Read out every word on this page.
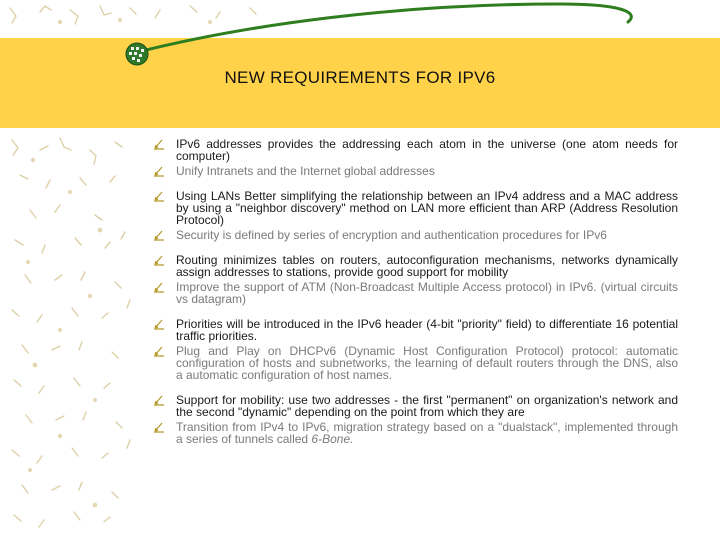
NEW REQUIREMENTS FOR IPV6
IPv6 addresses provides the addressing each atom in the universe (one atom needs for computer)
Unify Intranets and the Internet global addresses
Using LANs Better simplifying the relationship between an IPv4 address and a MAC address by using a "neighbor discovery" method on LAN more efficient than ARP (Address Resolution Protocol)
Security is defined by series of encryption and authentication procedures for IPv6
Routing minimizes tables on routers, autoconfiguration mechanisms, networks dynamically assign addresses to stations, provide good support for mobility
Improve the support of ATM (Non-Broadcast Multiple Access protocol) in IPv6. (virtual circuits vs datagram)
Priorities will be introduced in the IPv6 header (4-bit "priority" field) to differentiate 16 potential traffic priorities.
Plug and Play on DHCPv6 (Dynamic Host Configuration Protocol) protocol: automatic configuration of hosts and subnetworks, the learning of default routers through the DNS, also a automatic configuration of host names.
Support for mobility: use two addresses - the first "permanent" on organization's network and the second "dynamic" depending on the point from which they are
Transition from IPv4 to IPv6, migration strategy based on a "dualstack", implemented through a series of tunnels called 6-Bone.
